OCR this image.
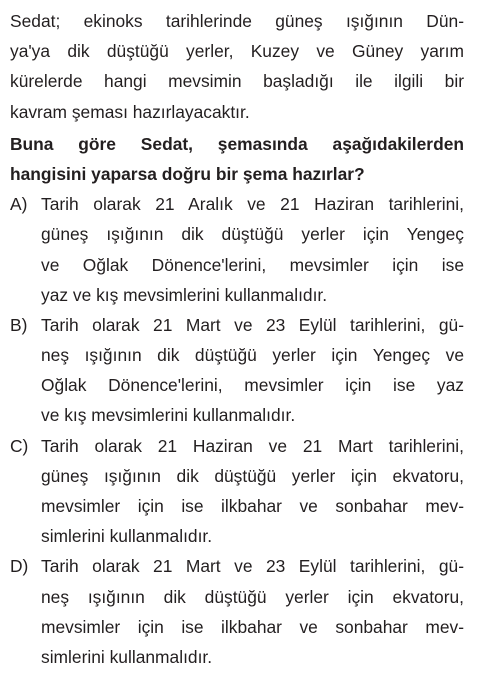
Sedat; ekinoks tarihlerinde güneş ışığının Dün-
ya'ya dik düştüğü yerler, Kuzey ve Güney yarım
kürelerde hangi mevsimin başladığı ile ilgili bir
kavram şeması hazırlayacaktır.
Buna göre Sedat, şemasında aşağıdakilerden
hangisini yaparsa doğru bir şema hazırlar?
A) Tarih olarak 21 Aralık ve 21 Haziran tarihlerini,
güneş ışığının dik düştüğü yerler için Yengeç
ve Oğlak Dönence'lerini, mevsimler için ise
yaz ve kış mevsimlerini kullanmalıdır.
B) Tarih olarak 21 Mart ve 23 Eylül tarihlerini, gü-
neş ışığının dik düştüğü yerler için Yengeç ve
Oğlak Dönence'lerini, mevsimler için ise yaz
ve kış mevsimlerini kullanmalıdır.
C) Tarih olarak 21 Haziran ve 21 Mart tarihlerini,
güneş ışığının dik düştüğü yerler için ekvatoru,
mevsimler için ise ilkbahar ve sonbahar mev-
simlerini kullanmalıdır.
D) Tarih olarak 21 Mart ve 23 Eylül tarihlerini, gü-
neş ışığının dik düştüğü yerler için ekvatoru,
mevsimler için ise ilkbahar ve sonbahar mev-
simlerini kullanmalıdır.
